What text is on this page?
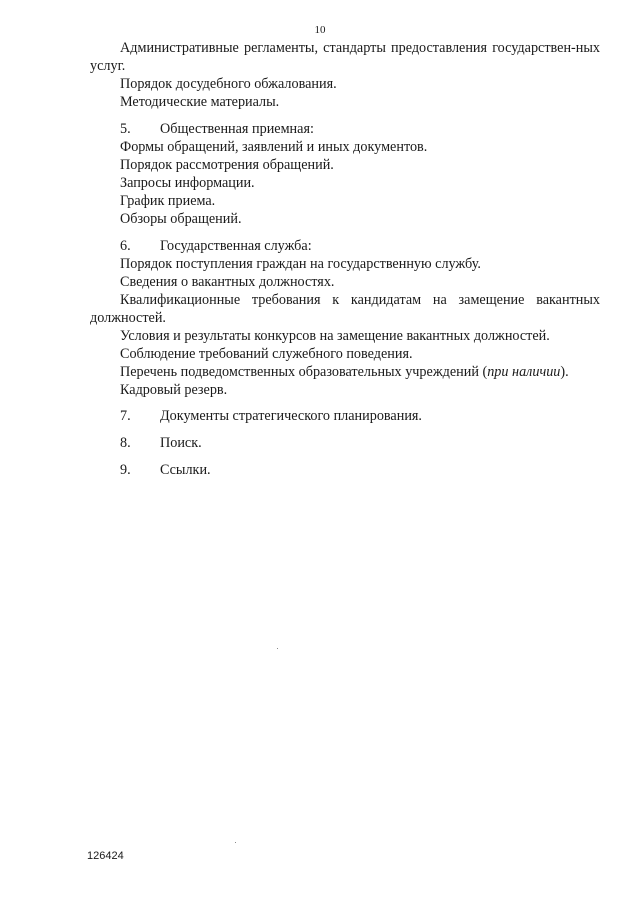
10

Административные регламенты, стандарты предоставления государствен-ных услуг.

Порядок досудебного обжалования.

Методические материалы.

5. Общественная приемная:

Формы обращений, заявлений и иных документов.

Порядок рассмотрения обращений.

Запросы информации.

График приема.

Обзоры обращений.

6. Государственная служба:

Порядок поступления граждан на государственную службу.

Сведения о вакантных должностях.

Квалификационные требования к кандидатам на замещение вакантных должностей.

Условия и результаты конкурсов на замещение вакантных должностей.

Соблюдение требований служебного поведения.

Перечень подведомственных образовательных учреждений (при наличии).

Кадровый резерв.

7. Документы стратегического планирования.

8. Поиск.

9. Ссылки.

126424
